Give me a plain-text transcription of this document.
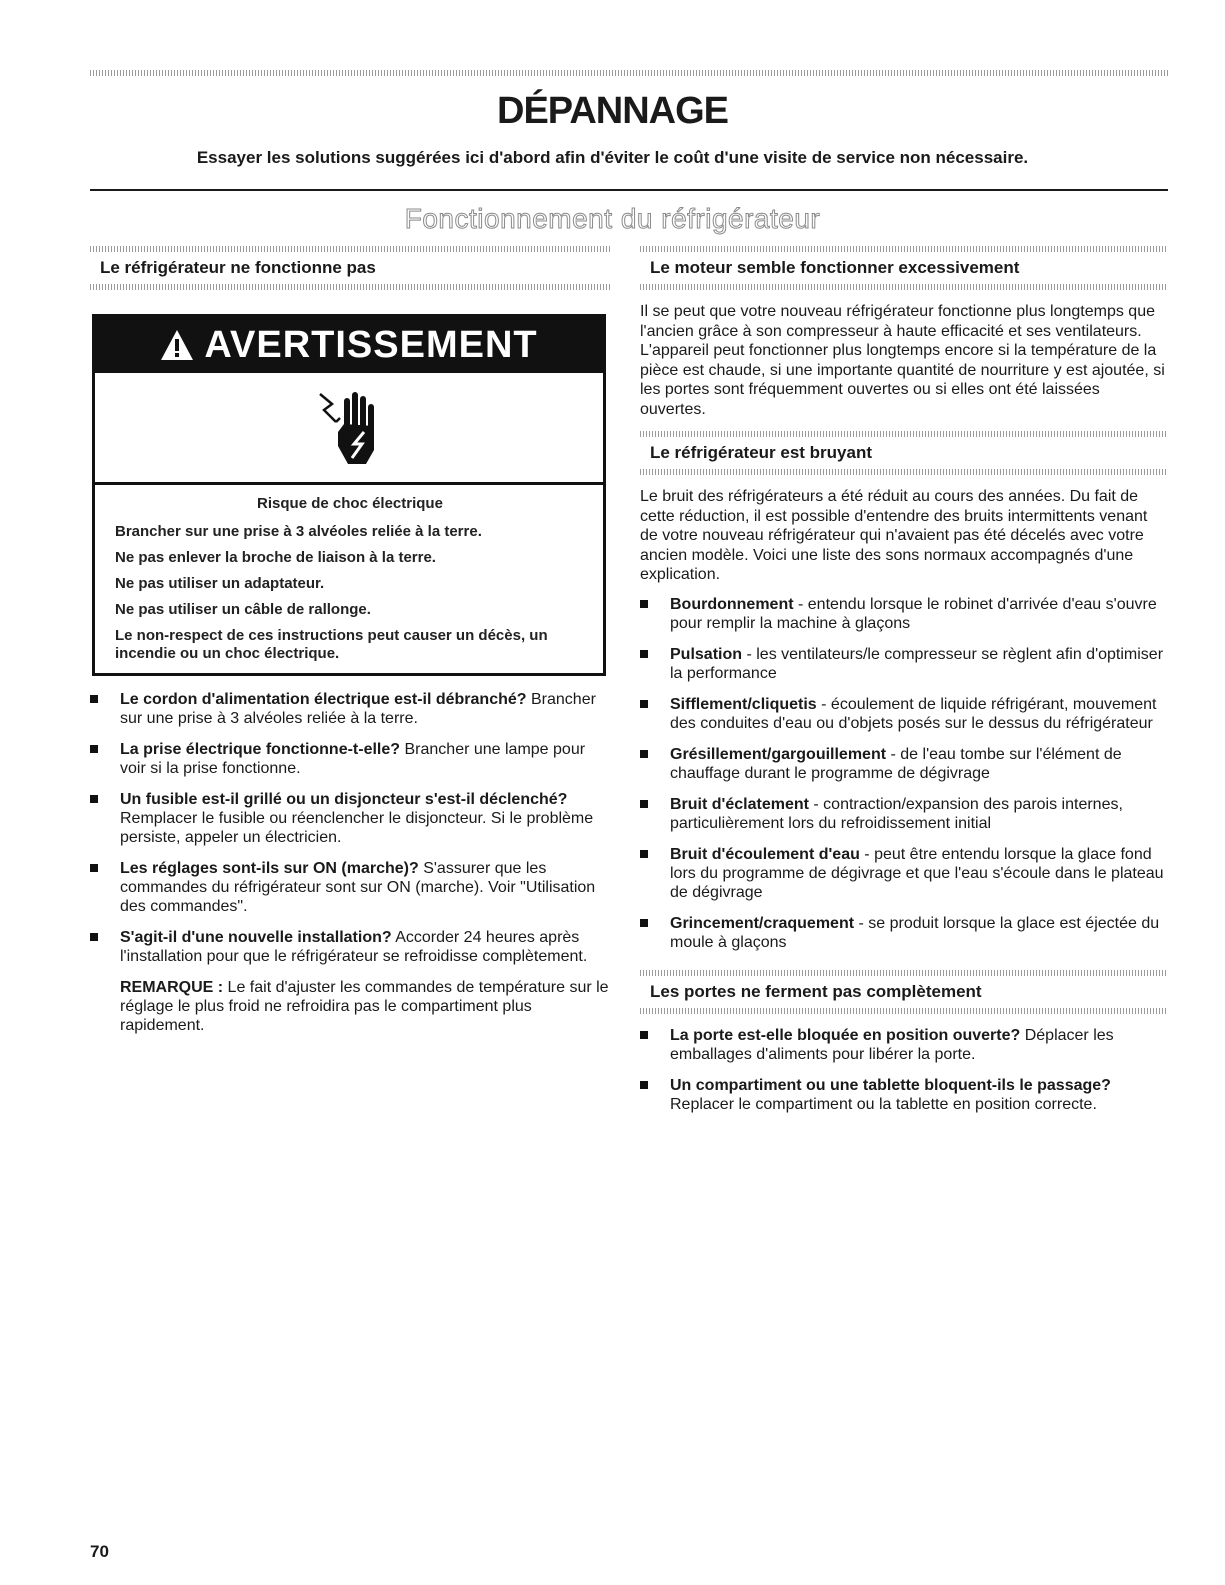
DÉPANNAGE
Essayer les solutions suggérées ici d'abord afin d'éviter le coût d'une visite de service non nécessaire.
Fonctionnement du réfrigérateur
Le réfrigérateur ne fonctionne pas
AVERTISSEMENT

Risque de choc électrique

Brancher sur une prise à 3 alvéoles reliée à la terre.

Ne pas enlever la broche de liaison à la terre.

Ne pas utiliser un adaptateur.

Ne pas utiliser un câble de rallonge.

Le non-respect de ces instructions peut causer un décès, un incendie ou un choc électrique.

Le cordon d'alimentation électrique est-il débranché? Brancher sur une prise à 3 alvéoles reliée à la terre.
La prise électrique fonctionne-t-elle? Brancher une lampe pour voir si la prise fonctionne.
Un fusible est-il grillé ou un disjoncteur s'est-il déclenché? Remplacer le fusible ou réenclencher le disjoncteur. Si le problème persiste, appeler un électricien.
Les réglages sont-ils sur ON (marche)? S'assurer que les commandes du réfrigérateur sont sur ON (marche). Voir "Utilisation des commandes".
S'agit-il d'une nouvelle installation? Accorder 24 heures après l'installation pour que le réfrigérateur se refroidisse complètement.

REMARQUE : Le fait d'ajuster les commandes de température sur le réglage le plus froid ne refroidira pas le compartiment plus rapidement.

Le moteur semble fonctionner excessivement

Il se peut que votre nouveau réfrigérateur fonctionne plus longtemps que l'ancien grâce à son compresseur à haute efficacité et ses ventilateurs. L'appareil peut fonctionner plus longtemps encore si la température de la pièce est chaude, si une importante quantité de nourriture y est ajoutée, si les portes sont fréquemment ouvertes ou si elles ont été laissées ouvertes.

Le réfrigérateur est bruyant

Le bruit des réfrigérateurs a été réduit au cours des années. Du fait de cette réduction, il est possible d'entendre des bruits intermittents venant de votre nouveau réfrigérateur qui n'avaient pas été décelés avec votre ancien modèle. Voici une liste des sons normaux accompagnés d'une explication.

Bourdonnement - entendu lorsque le robinet d'arrivée d'eau s'ouvre pour remplir la machine à glaçons
Pulsation - les ventilateurs/le compresseur se règlent afin d'optimiser la performance
Sifflement/cliquetis - écoulement de liquide réfrigérant, mouvement des conduites d'eau ou d'objets posés sur le dessus du réfrigérateur
Grésillement/gargouillement - de l'eau tombe sur l'élément de chauffage durant le programme de dégivrage
Bruit d'éclatement - contraction/expansion des parois internes, particulièrement lors du refroidissement initial
Bruit d'écoulement d'eau - peut être entendu lorsque la glace fond lors du programme de dégivrage et que l'eau s'écoule dans le plateau de dégivrage
Grincement/craquement - se produit lorsque la glace est éjectée du moule à glaçons
Les portes ne ferment pas complètement
La porte est-elle bloquée en position ouverte? Déplacer les emballages d'aliments pour libérer la porte.
Un compartiment ou une tablette bloquent-ils le passage? Replacer le compartiment ou la tablette en position correcte.
70
